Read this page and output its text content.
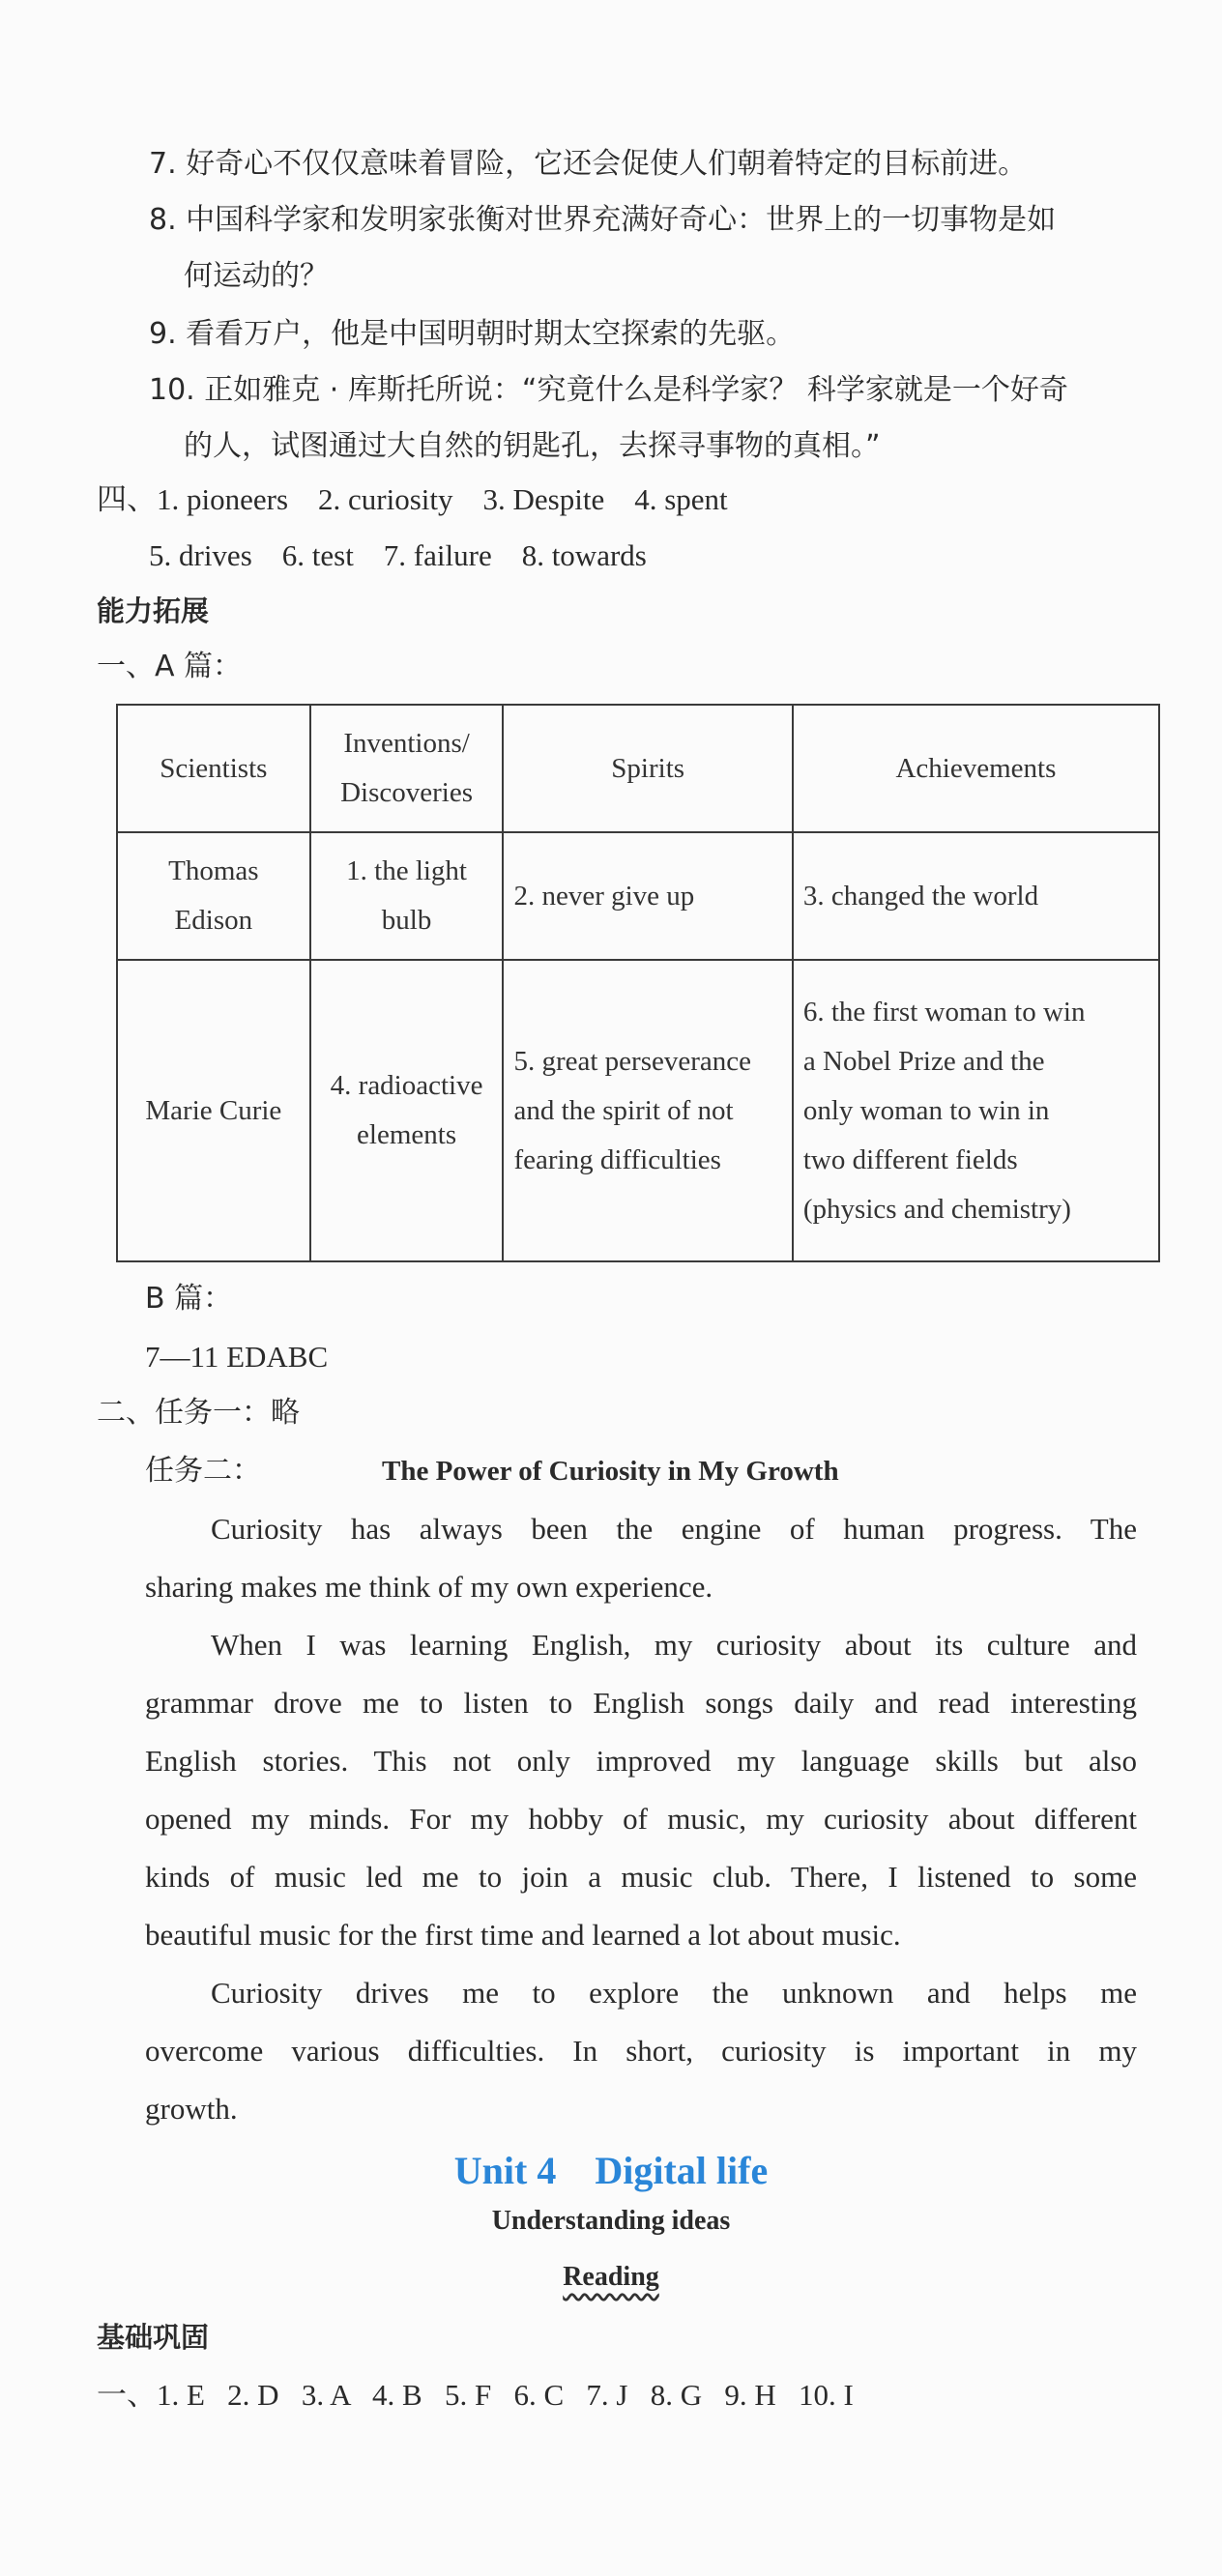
7. 好奇心不仅仅意味着冒险，它还会促使人们朝着特定的目标前进。
8. 中国科学家和发明家张衡对世界充满好奇心：世界上的一切事物是如
何运动的？
9. 看看万户，他是中国明朝时期太空探索的先驱。
10. 正如雅克 · 库斯托所说：“究竟什么是科学家？ 科学家就是一个好奇
的人，试图通过大自然的钥匙孔，去探寻事物的真相。”
四、1. pioneers    2. curiosity    3. Despite    4. spent
5. drives    6. test    7. failure    8. towards
能力拓展
一、A 篇：
Scientists	Inventions/
Discoveries	Spirits	Achievements
Thomas
Edison	1. the light
bulb	2. never give up	3. changed the world
Marie Curie	4. radioactive
elements	5. great perseverance
and the spirit of not
fearing difficulties	6. the first woman to win
a Nobel Prize and the
only woman to win in
two different fields
(physics and chemistry)
B 篇：
7—11 EDABC
二、任务一：略
任务二：	The Power of Curiosity in My Growth
Curiosity has always been the engine of human progress. The
sharing makes me think of my own experience.
When I was learning English, my curiosity about its culture and
grammar drove me to listen to English songs daily and read interesting
English stories. This not only improved my language skills but also
opened my minds. For my hobby of music, my curiosity about different
kinds of music led me to join a music club. There, I listened to some
beautiful music for the first time and learned a lot about music.
Curiosity drives me to explore the unknown and helps me
overcome various difficulties. In short, curiosity is important in my
growth.
Unit 4    Digital life
Understanding ideas
Reading
基础巩固
一、1. E   2. D   3. A   4. B   5. F   6. C   7. J   8. G   9. H   10. I
